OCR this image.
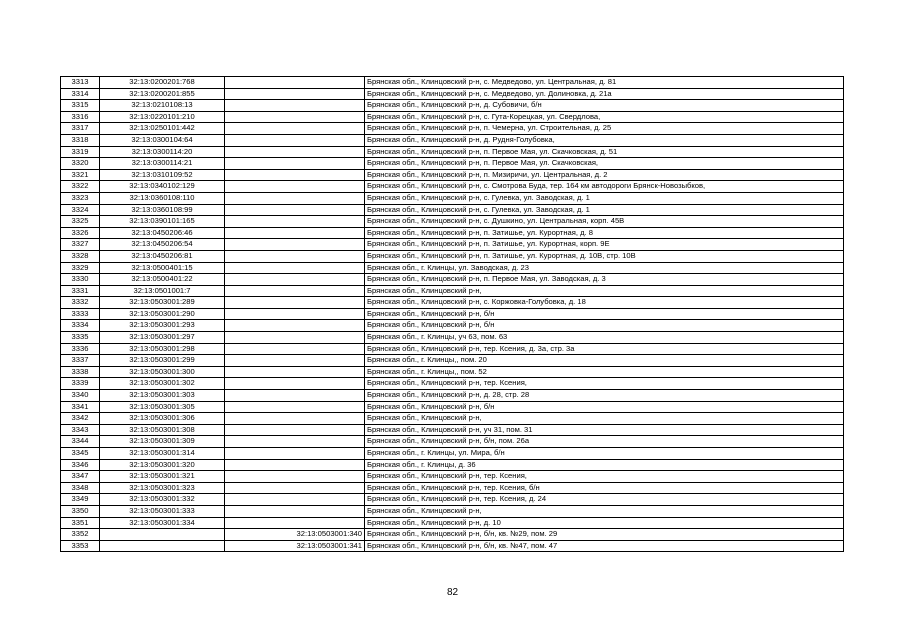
3313	32:13:0200201:768		Брянская обл., Клинцовский р-н, с. Медведово, ул. Центральная, д. 81
3314	32:13:0200201:855		Брянская обл., Клинцовский р-н, с. Медведово, ул. Долиновка, д. 21а
3315	32:13:0210108:13		Брянская обл., Клинцовский р-н, д. Субовичи, б/н
3316	32:13:0220101:210		Брянская обл., Клинцовский р-н, с. Гута-Корецкая, ул. Свердлова,
3317	32:13:0250101:442		Брянская обл., Клинцовский р-н, п. Чемерна, ул. Строительная, д. 25
3318	32:13:0300104:64		Брянская обл., Клинцовский р-н, д. Рудня-Голубовка,
3319	32:13:0300114:20		Брянская обл., Клинцовский р-н, п. Первое Мая, ул. Скачковская, д. 51
3320	32:13:0300114:21		Брянская обл., Клинцовский р-н, п. Первое Мая, ул. Скачковская,
3321	32:13:0310109:52		Брянская обл., Клинцовский р-н, п. Мизиричи, ул. Центральная, д. 2
3322	32:13:0340102:129		Брянская обл., Клинцовский р-н, с. Смотрова Буда, тер. 164 км автодороги Брянск-Новозыбков,
3323	32:13:0360108:110		Брянская обл., Клинцовский р-н, с. Гулевка, ул. Заводская, д. 1
3324	32:13:0360108:99		Брянская обл., Клинцовский р-н, с. Гулевка, ул. Заводская, д. 1
3325	32:13:0390101:165		Брянская обл., Клинцовский р-н, с. Душкино, ул. Центральная, корп. 45В
3326	32:13:0450206:46		Брянская обл., Клинцовский р-н, п. Затишье, ул. Курортная, д. 8
3327	32:13:0450206:54		Брянская обл., Клинцовский р-н, п. Затишье, ул. Курортная, корп. 9Е
3328	32:13:0450206:81		Брянская обл., Клинцовский р-н, п. Затишье, ул. Курортная, д. 10В, стр. 10В
3329	32:13:0500401:15		Брянская обл., г. Клинцы, ул. Заводская, д. 23
3330	32:13:0500401:22		Брянская обл., Клинцовский р-н, п. Первое Мая, ул. Заводская, д. 3
3331	32:13:0501001:7		Брянская обл., Клинцовский р-н,
3332	32:13:0503001:289		Брянская обл., Клинцовский р-н, с. Коржовка-Голубовка, д. 18
3333	32:13:0503001:290		Брянская обл., Клинцовский р-н, б/н
3334	32:13:0503001:293		Брянская обл., Клинцовский р-н, б/н
3335	32:13:0503001:297		Брянская обл., г. Клинцы, уч 63, пом. 63
3336	32:13:0503001:298		Брянская обл., Клинцовский р-н, тер. Ксения, д. 3а, стр. 3а
3337	32:13:0503001:299		Брянская обл., г. Клинцы,, пом. 20
3338	32:13:0503001:300		Брянская обл., г. Клинцы,, пом. 52
3339	32:13:0503001:302		Брянская обл., Клинцовский р-н, тер. Ксения,
3340	32:13:0503001:303		Брянская обл., Клинцовский р-н, д. 28, стр. 28
3341	32:13:0503001:305		Брянская обл., Клинцовский р-н, б/н
3342	32:13:0503001:306		Брянская обл., Клинцовский р-н,
3343	32:13:0503001:308		Брянская обл., Клинцовский р-н, уч 31, пом. 31
3344	32:13:0503001:309		Брянская обл., Клинцовский р-н, б/н, пом. 26а
3345	32:13:0503001:314		Брянская обл., г. Клинцы, ул. Мира, б/н
3346	32:13:0503001:320		Брянская обл., г. Клинцы, д. 36
3347	32:13:0503001:321		Брянская обл., Клинцовский р-н, тер. Ксения,
3348	32:13:0503001:323		Брянская обл., Клинцовский р-н, тер. Ксения, б/н
3349	32:13:0503001:332		Брянская обл., Клинцовский р-н, тер. Ксения, д. 24
3350	32:13:0503001:333		Брянская обл., Клинцовский р-н,
3351	32:13:0503001:334		Брянская обл., Клинцовский р-н, д. 10
3352		32:13:0503001:340	Брянская обл., Клинцовский р-н, б/н, кв. №29, пом. 29
3353		32:13:0503001:341	Брянская обл., Клинцовский р-н, б/н, кв. №47, пом. 47
82
